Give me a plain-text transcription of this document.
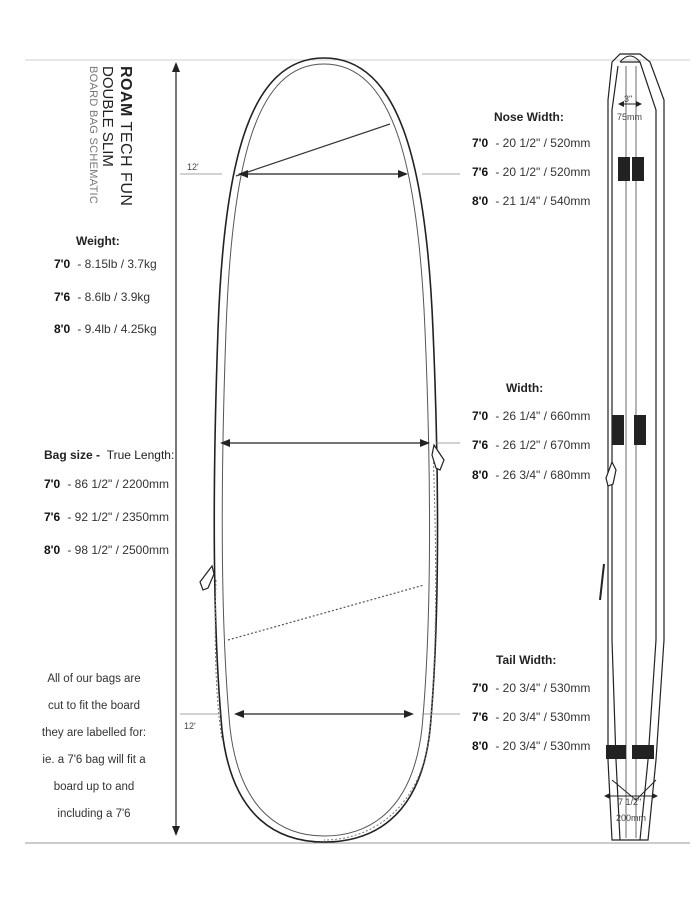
ROAM TECH FUN
DOUBLE SLIM
BOARD BAG SCHEMATIC
Weight:
7'0 - 8.15lb / 3.7kg
7'6 - 8.6lb / 3.9kg
8'0 - 9.4lb / 4.25kg
Bag size - True Length:
7'0 - 86 1/2" / 2200mm
7'6 - 92 1/2" / 2350mm
8'0 - 98 1/2" / 2500mm
All of our bags are
cut to fit the board
they are labelled for:
ie. a 7'6 bag will fit a
board up to and
including a 7'6
Nose Width:
7'0 - 20 1/2" / 520mm
7'6 - 20 1/2" / 520mm
8'0 - 21 1/4" / 540mm
Width:
7'0 - 26 1/4" / 660mm
7'6 - 26 1/2" / 670mm
8'0 - 26 3/4" / 680mm
Tail Width:
7'0 - 20 3/4" / 530mm
7'6 - 20 3/4" / 530mm
8'0 - 20 3/4" / 530mm
12'
12'
3"
75mm
7 1/2"
200mm
